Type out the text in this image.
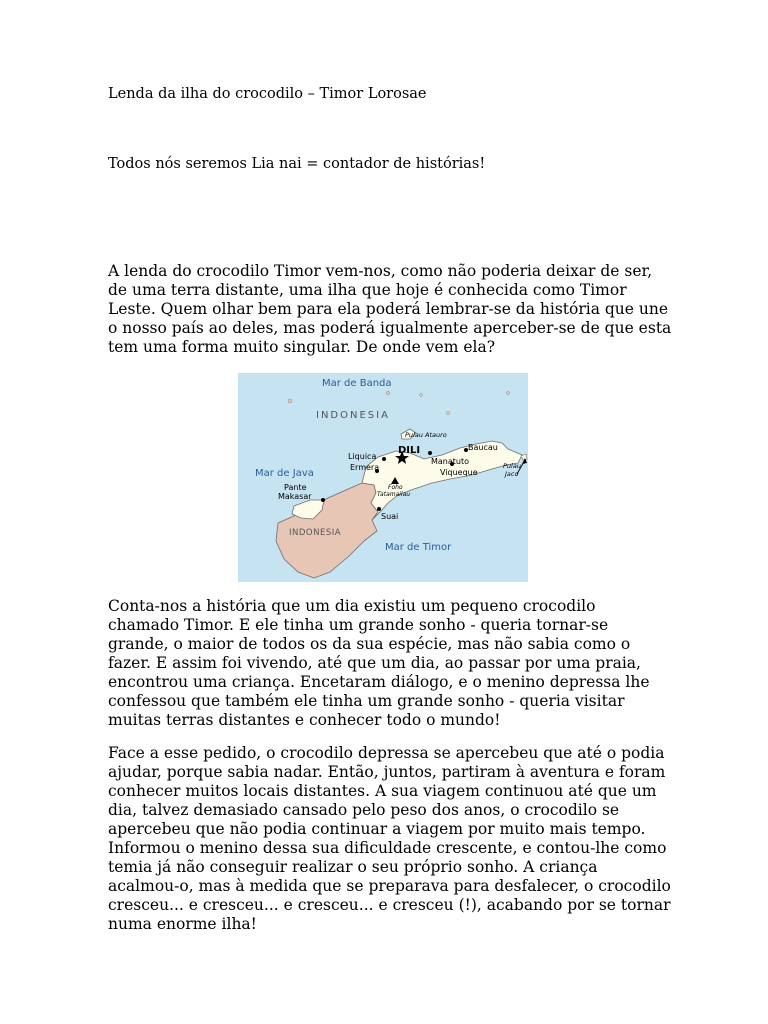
Lenda da ilha do crocodilo – Timor Lorosae
Todos nós seremos Lia nai = contador de histórias!

A lenda do crocodilo Timor vem-nos, como não poderia deixar de ser,
de uma terra distante, uma ilha que hoje é conhecida como Timor
Leste. Quem olhar bem para ela poderá lembrar-se da história que une
o nosso país ao deles, mas poderá igualmente aperceber-se de que esta
tem uma forma muito singular. De onde vem ela?

Mar de Banda
INDONESIA
Pulau Atauro
DILI	Baucau
Liquica
Manatuto
Ermera
Viqueque
Pulau
Jaco
Mar de Java
Foho
Tatamailau
Pante
Makasar
Suai
INDONESIA
Mar de Timor

Conta-nos a história que um dia existiu um pequeno crocodilo
chamado Timor. E ele tinha um grande sonho - queria tornar-se
grande, o maior de todos os da sua espécie, mas não sabia como o
fazer. E assim foi vivendo, até que um dia, ao passar por uma praia,
encontrou uma criança. Encetaram diálogo, e o menino depressa lhe
confessou que também ele tinha um grande sonho - queria visitar
muitas terras distantes e conhecer todo o mundo!

Face a esse pedido, o crocodilo depressa se apercebeu que até o podia
ajudar, porque sabia nadar. Então, juntos, partiram à aventura e foram
conhecer muitos locais distantes. A sua viagem continuou até que um
dia, talvez demasiado cansado pelo peso dos anos, o crocodilo se
apercebeu que não podia continuar a viagem por muito mais tempo.
Informou o menino dessa sua dificuldade crescente, e contou-lhe como
temia já não conseguir realizar o seu próprio sonho. A criança
acalmou-o, mas à medida que se preparava para desfalecer, o crocodilo
cresceu... e cresceu... e cresceu... e cresceu (!), acabando por se tornar
numa enorme ilha!
